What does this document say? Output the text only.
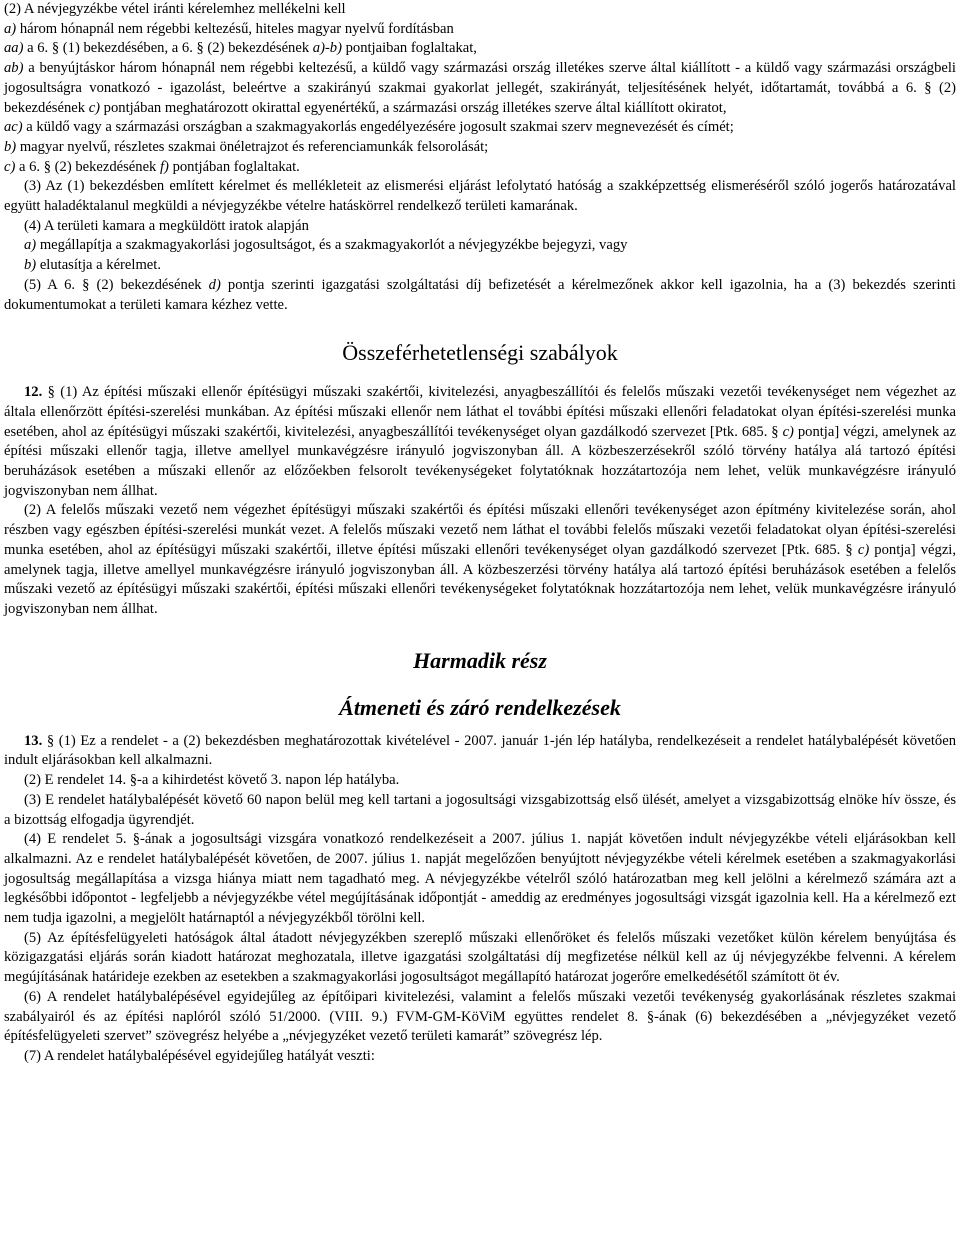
(2) A névjegyzékbe vétel iránti kérelemhez mellékelni kell

a) három hónapnál nem régebbi keltezésű, hiteles magyar nyelvű fordításban

aa) a 6. § (1) bekezdésében, a 6. § (2) bekezdésének a)-b) pontjaiban foglaltakat,

ab) a benyújtáskor három hónapnál nem régebbi keltezésű, a küldő vagy származási ország illetékes szerve által kiállított - a küldő vagy származási országbeli jogosultságra vonatkozó - igazolást, beleértve a szakirányú szakmai gyakorlat jellegét, szakirányát, teljesítésének helyét, időtartamát, továbbá a 6. § (2) bekezdésének c) pontjában meghatározott okirattal egyenértékű, a származási ország illetékes szerve által kiállított okiratot,

ac) a küldő vagy a származási országban a szakmagyakorlás engedélyezésére jogosult szakmai szerv megnevezését és címét;

b) magyar nyelvű, részletes szakmai önéletrajzot és referenciamunkák felsorolását;

c) a 6. § (2) bekezdésének f) pontjában foglaltakat.

(3) Az (1) bekezdésben említett kérelmet és mellékleteit az elismerési eljárást lefolytató hatóság a szakképzettség elismeréséről szóló jogerős határozatával együtt haladéktalanul megküldi a névjegyzékbe vételre hatáskörrel rendelkező területi kamarának.

(4) A területi kamara a megküldött iratok alapján

a) megállapítja a szakmagyakorlási jogosultságot, és a szakmagyakorlót a névjegyzékbe bejegyzi, vagy

b) elutasítja a kérelmet.

(5) A 6. § (2) bekezdésének d) pontja szerinti igazgatási szolgáltatási díj befizetését a kérelmezőnek akkor kell igazolnia, ha a (3) bekezdés szerinti dokumentumokat a területi kamara kézhez vette.

Összeférhetetlenségi szabályok

12. § (1) Az építési műszaki ellenőr építésügyi műszaki szakértői, kivitelezési, anyagbeszállítói és felelős műszaki vezetői tevékenységet nem végezhet az általa ellenőrzött építési-szerelési munkában. Az építési műszaki ellenőr nem láthat el további építési műszaki ellenőri feladatokat olyan építési-szerelési munka esetében, ahol az építésügyi műszaki szakértői, kivitelezési, anyagbeszállítói tevékenységet olyan gazdálkodó szervezet [Ptk. 685. § c) pontja] végzi, amelynek az építési műszaki ellenőr tagja, illetve amellyel munkavégzésre irányuló jogviszonyban áll. A közbeszerzésekről szóló törvény hatálya alá tartozó építési beruházások esetében a műszaki ellenőr az előzőekben felsorolt tevékenységeket folytatóknak hozzátartozója nem lehet, velük munkavégzésre irányuló jogviszonyban nem állhat.

(2) A felelős műszaki vezető nem végezhet építésügyi műszaki szakértői és építési műszaki ellenőri tevékenységet azon építmény kivitelezése során, ahol részben vagy egészben építési-szerelési munkát vezet. A felelős műszaki vezető nem láthat el további felelős műszaki vezetői feladatokat olyan építési-szerelési munka esetében, ahol az építésügyi műszaki szakértői, illetve építési műszaki ellenőri tevékenységet olyan gazdálkodó szervezet [Ptk. 685. § c) pontja] végzi, amelynek tagja, illetve amellyel munkavégzésre irányuló jogviszonyban áll. A közbeszerzési törvény hatálya alá tartozó építési beruházások esetében a felelős műszaki vezető az építésügyi műszaki szakértői, építési műszaki ellenőri tevékenységeket folytatóknak hozzátartozója nem lehet, velük munkavégzésre irányuló jogviszonyban nem állhat.

Harmadik rész
Átmeneti és záró rendelkezések

13. § (1) Ez a rendelet - a (2) bekezdésben meghatározottak kivételével - 2007. január 1-jén lép hatályba, rendelkezéseit a rendelet hatálybalépését követően indult eljárásokban kell alkalmazni.

(2) E rendelet 14. §-a a kihirdetést követő 3. napon lép hatályba.

(3) E rendelet hatálybalépését követő 60 napon belül meg kell tartani a jogosultsági vizsgabizottság első ülését, amelyet a vizsgabizottság elnöke hív össze, és a bizottság elfogadja ügyrendjét.

(4) E rendelet 5. §-ának a jogosultsági vizsgára vonatkozó rendelkezéseit a 2007. július 1. napját követően indult névjegyzékbe vételi eljárásokban kell alkalmazni. Az e rendelet hatálybalépését követően, de 2007. július 1. napját megelőzően benyújtott névjegyzékbe vételi kérelmek esetében a szakmagyakorlási jogosultság megállapítása a vizsga hiánya miatt nem tagadható meg. A névjegyzékbe vételről szóló határozatban meg kell jelölni a kérelmező számára azt a legkésőbbi időpontot - legfeljebb a névjegyzékbe vétel megújításának időpontját - ameddig az eredményes jogosultsági vizsgát igazolnia kell. Ha a kérelmező ezt nem tudja igazolni, a megjelölt határnaptól a névjegyzékből törölni kell.

(5) Az építésfelügyeleti hatóságok által átadott névjegyzékben szereplő műszaki ellenőröket és felelős műszaki vezetőket külön kérelem benyújtása és közigazgatási eljárás során kiadott határozat meghozatala, illetve igazgatási szolgáltatási díj megfizetése nélkül kell az új névjegyzékbe felvenni. A kérelem megújításának határideje ezekben az esetekben a szakmagyakorlási jogosultságot megállapító határozat jogerőre emelkedésétől számított öt év.

(6) A rendelet hatálybalépésével egyidejűleg az építőipari kivitelezési, valamint a felelős műszaki vezetői tevékenység gyakorlásának részletes szakmai szabályairól és az építési naplóról szóló 51/2000. (VIII. 9.) FVM-GM-KöViM együttes rendelet 8. §-ának (6) bekezdésében a „névjegyzéket vezető építésfelügyeleti szervet” szövegrész helyébe a „névjegyzéket vezető területi kamarát” szövegrész lép.

(7) A rendelet hatálybalépésével egyidejűleg hatályát veszti:
